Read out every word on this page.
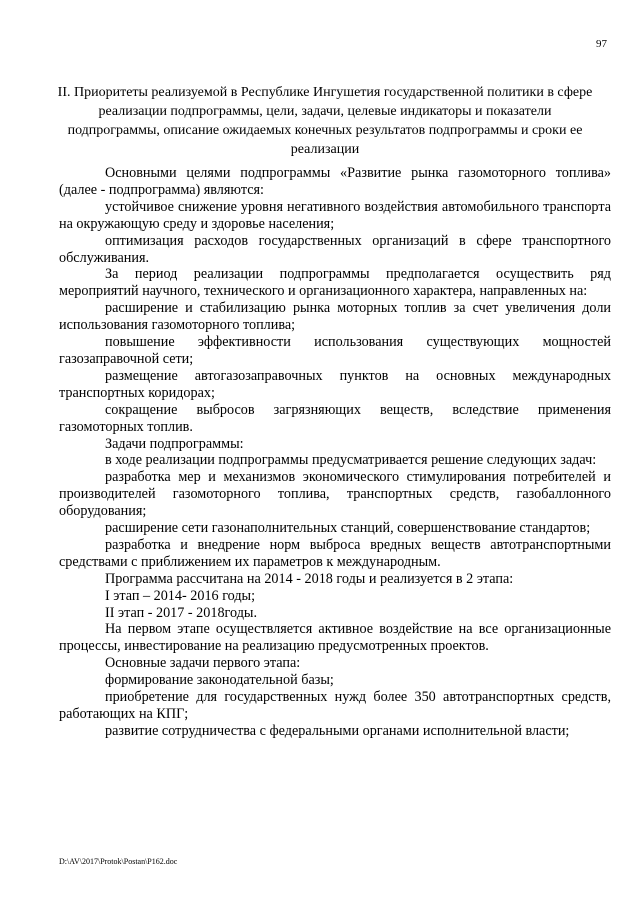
97
II. Приоритеты реализуемой в Республике Ингушетия государственной политики в сфере реализации подпрограммы, цели, задачи, целевые индикаторы и показатели подпрограммы, описание ожидаемых конечных результатов подпрограммы и сроки ее реализации

Основными целями подпрограммы «Развитие рынка газомоторного топлива» (далее - подпрограмма) являются:

устойчивое снижение уровня негативного воздействия автомобильного транспорта на окружающую среду и здоровье населения;

оптимизация расходов государственных организаций в сфере транспортного обслуживания.

За период реализации подпрограммы предполагается осуществить ряд мероприятий научного, технического и организационного характера, направленных на:

расширение и стабилизацию рынка моторных топлив за счет увеличения доли использования газомоторного топлива;

повышение эффективности использования существующих мощностей газозаправочной сети;

размещение автогазозаправочных пунктов на основных международных транспортных коридорах;

сокращение выбросов загрязняющих веществ, вследствие применения газомоторных топлив.

Задачи подпрограммы:

в ходе реализации подпрограммы предусматривается решение следующих задач:

разработка мер и механизмов экономического стимулирования потребителей и производителей газомоторного топлива, транспортных средств, газобаллонного оборудования;

расширение сети газонаполнительных станций, совершенствование стандартов;

разработка и внедрение норм выброса вредных веществ автотранспортными средствами с приближением их параметров к международным.

Программа рассчитана на 2014 - 2018 годы и реализуется в 2 этапа:

I этап – 2014- 2016 годы;

II этап - 2017 - 2018годы.

На первом этапе осуществляется активное воздействие на все организационные процессы, инвестирование на реализацию предусмотренных проектов.

Основные задачи первого этапа:

формирование законодательной базы;

приобретение для государственных нужд более 350 автотранспортных средств, работающих на КПГ;

развитие сотрудничества с федеральными органами исполнительной власти;

D:\AV\2017\Protok\Postan\P162.doc
